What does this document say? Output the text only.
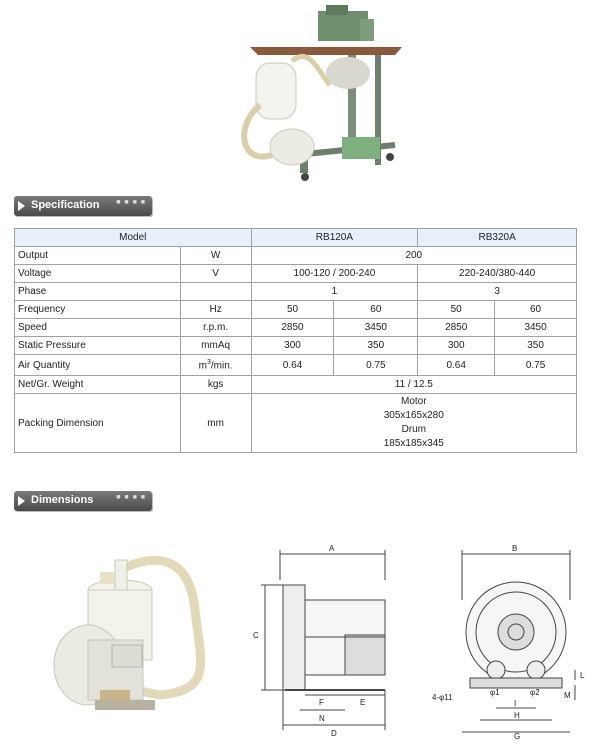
Specification ■ ■ ■ ■
Model		RB120A		RB320A	
Output	W	200			
Voltage	V	100-120 / 200-240		220-240/380-440	
Phase		1		3	
Frequency	Hz	50	60	50	60
Speed	r.p.m.	2850	3450	2850	3450
Static Pressure	mmAq	300	350	300	350
Air Quantity	$m^3/\min$.	0.64	0.75	0.64	0.75
Net/Gr. Weight	kgs	11 / 12.5			
Packing Dimension	mm	Motor
305x165x280
Drum
185x185x345			
Dimensions	■ ■ ■ ■
A
C
F	E
N
D
B
φ1	φ2
L
M
I
H
G
4-φ11
